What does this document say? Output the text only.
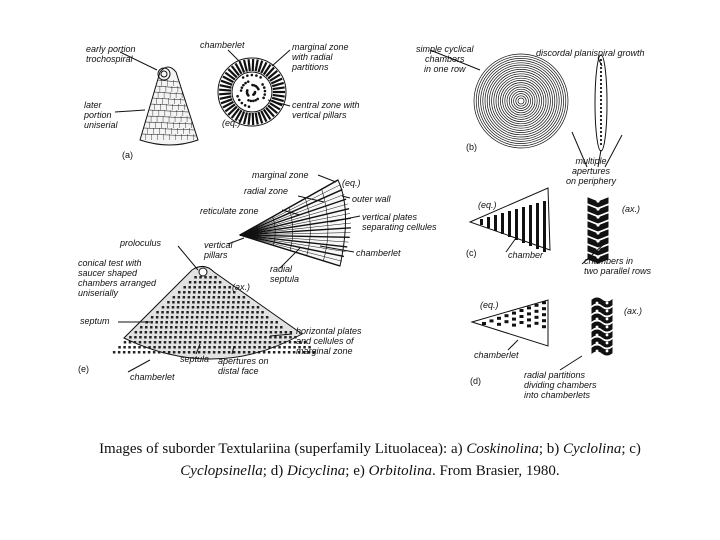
early portion
trochospiral
later
portion
uniserial
chamberlet	marginal zone
with radial
partitions
central zone with
vertical pillars
(eq.)
(a)
simple cyclical
chambers
in one row
discordal planispiral growth
multiple
apertures
on periphery
(b)
(eq.)	(ax.)
chamber
chambers in
two parallel rows
(c)
(eq.)
(ax.)
chamberlet
radial partitions
dividing chambers
into chamberlets
(d)
marginal zone
radial zone
(eq.)
reticulate zone
outer wall
vertical plates
separating cellules
chamberlet
proloculus	vertical
pillars
radial
septula
conical test with
saucer shaped
chambers arranged
uniserially
(ax.)
septum
horizontal plates
and cellules of
marginal zone
septula apertures on
distal face
chamberlet
(e)
Images of suborder Textulariina (superfamily Lituolacea): a) Coskinolina; b) Cyclolina; c) Cyclopsinella; d) Dicyclina; e) Orbitolina. From Brasier, 1980.
